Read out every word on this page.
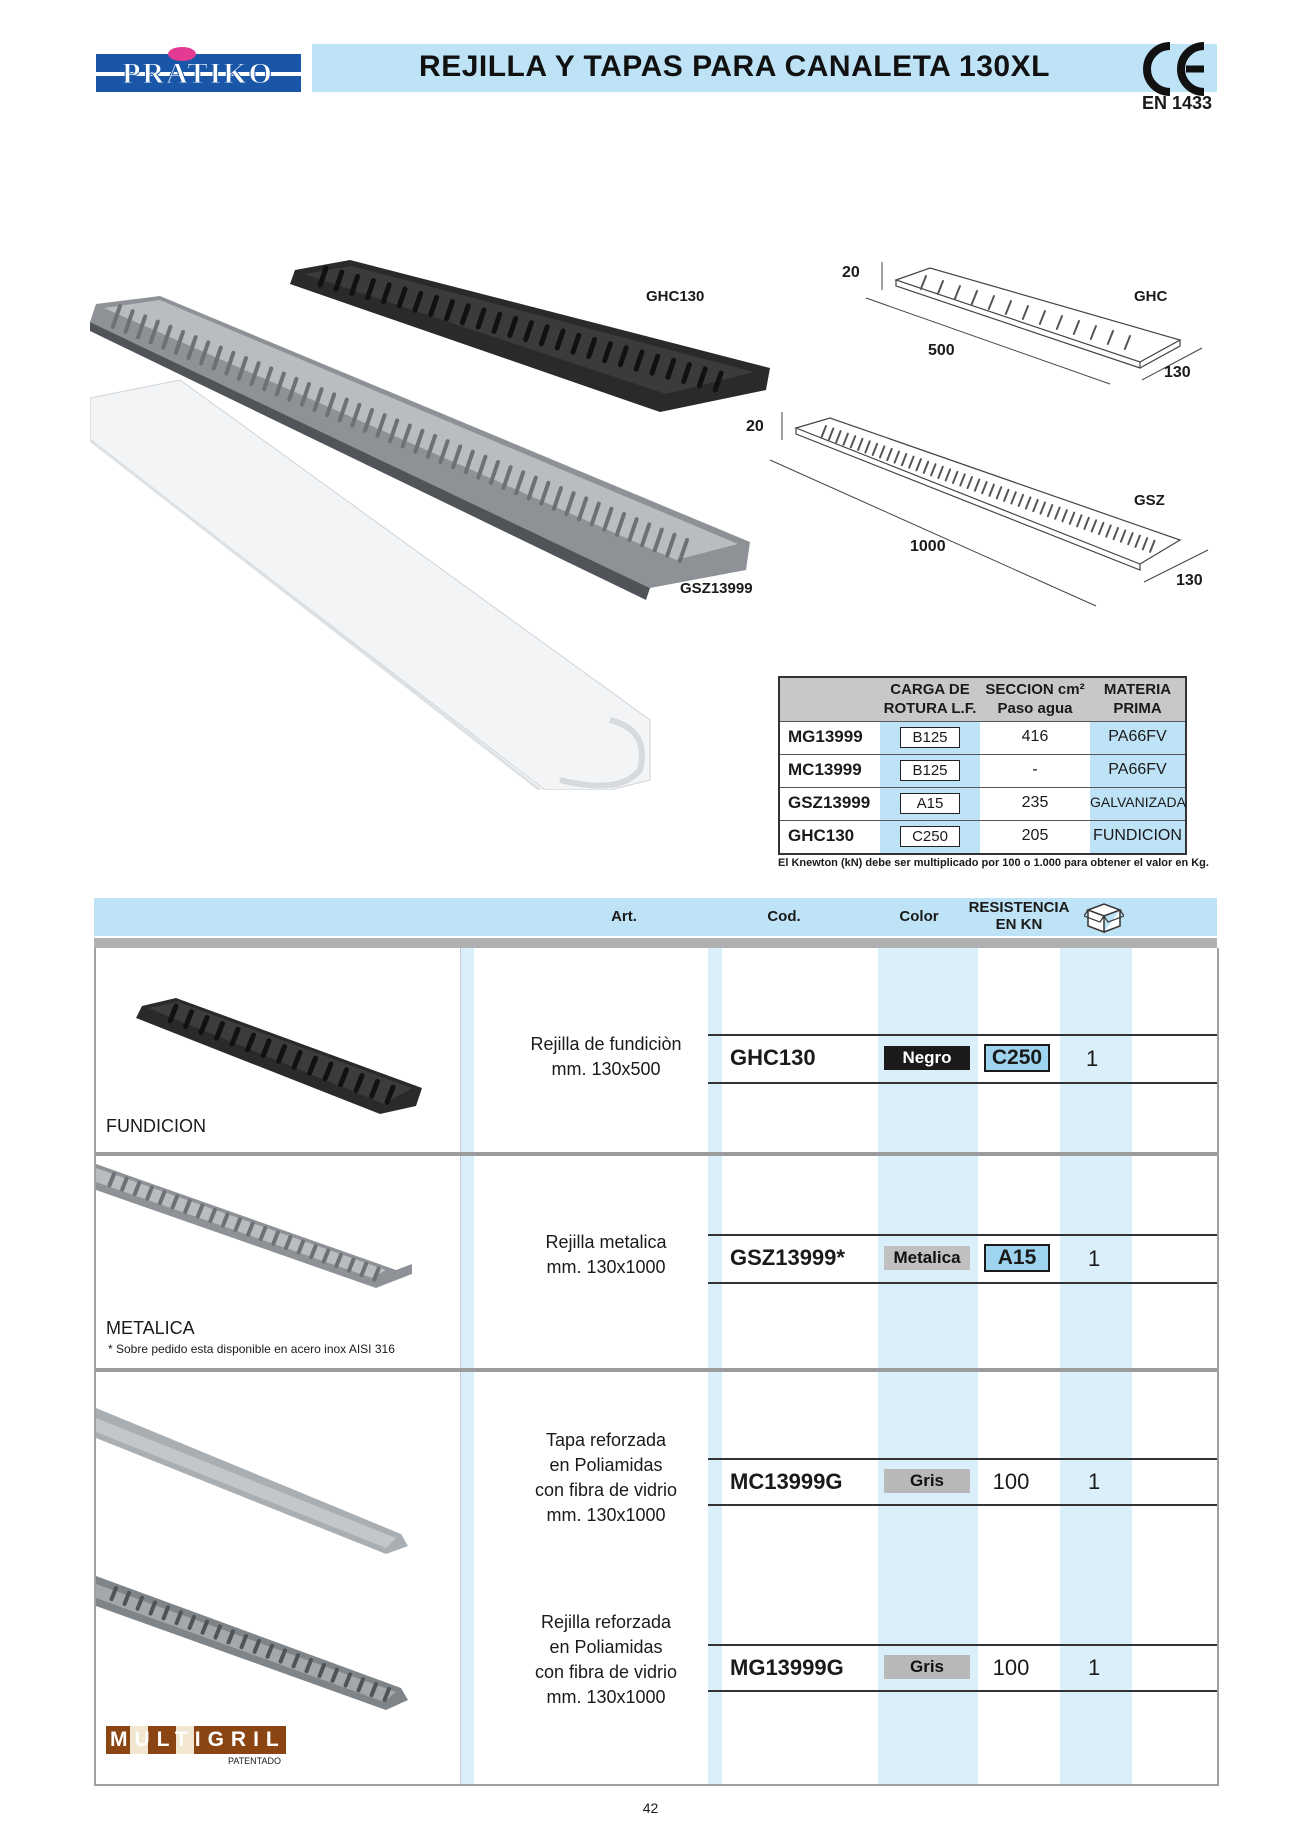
PRATIKO	REJILLA Y TAPAS PARA CANALETA 130XL
EN 1433
GHC130
GSZ13999
20
GHC
500
130
20
GSZ
1000
130
CARGA DE
ROTURA L.F.
SECCION cm²
Paso agua
MATERIA
PRIMA
MG13999	B125	416	PA66FV
MC13999	B125	-	PA66FV
GSZ13999	A15	235	GALVANIZADA
GHC130	C250	205	FUNDICION
El Knewton (kN) debe ser multiplicado por 100 o 1.000 para obtener el valor en Kg.
Art.	Cod.	Color
RESISTENCIA
EN KN
FUNDICION
Rejilla de fundiciòn
mm. 130x500	GHC130	Negro	C250	1
METALICA
* Sobre pedido esta disponible en acero inox AISI 316
Rejilla metalica
mm. 130x1000	GSZ13999*	Metalica	A15	1
Tapa reforzada
en Poliamidas
con fibra de vidrio
mm. 130x1000
MC13999G	Gris	100	1
Rejilla reforzada
en Poliamidas
con fibra de vidrio
mm. 130x1000
MG13999G	Gris	100	1
MULTIGRIL
PATENTADO
42
